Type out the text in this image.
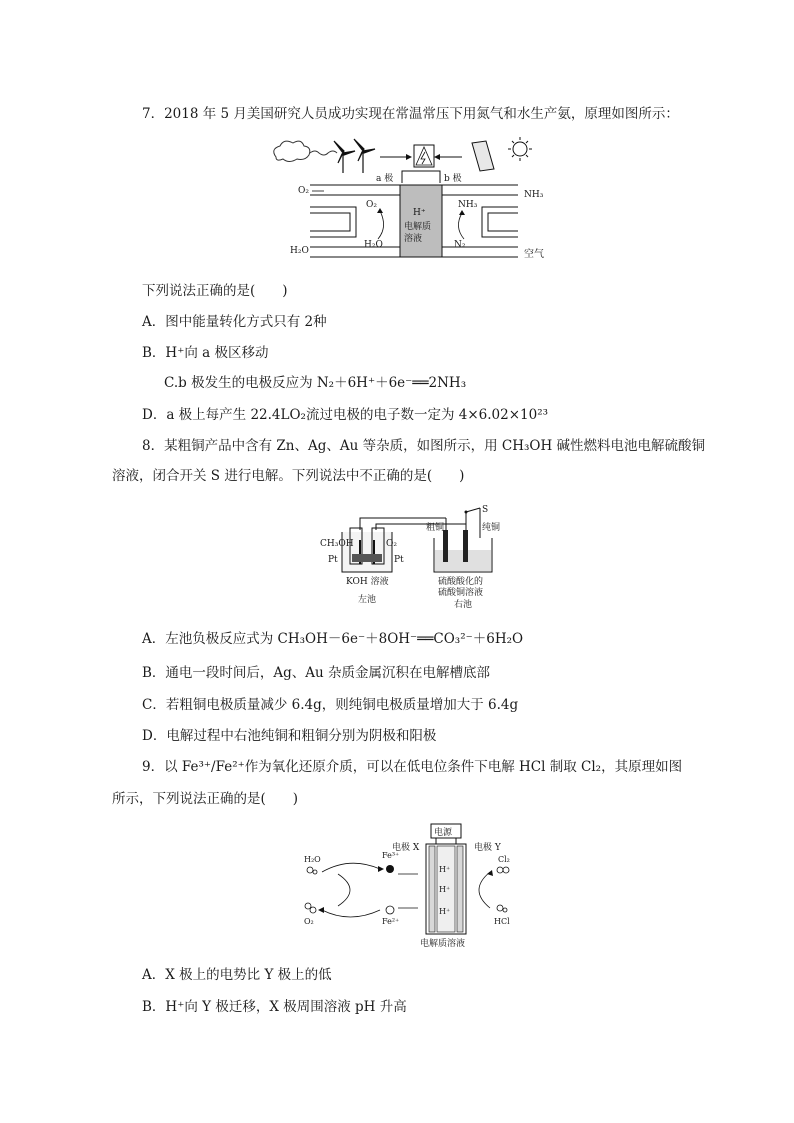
7．2018 年 5 月美国研究人员成功实现在常温常压下用氮气和水生产氨，原理如图所示：
a 极	b 极
H⁺
电解质
溶液
O₂
O₂
H₂O
H₂O
NH₃
N₂
NH₃
空气
下列说法正确的是(　　)
A．图中能量转化方式只有 2种
B．H⁺向 a 极区移动
C.b 极发生的电极反应为 N₂＋6H⁺＋6e⁻══2NH₃
D．a 极上每产生 22.4LO₂流过电极的电子数一定为 4×6.02×10²³
8．某粗铜产品中含有 Zn、Ag、Au 等杂质，如图所示，用 CH₃OH 碱性燃料电池电解硫酸铜
溶液，闭合开关 S 进行电解。下列说法中不正确的是(　　)
S
CH₃OH	O₂
Pt	Pt
KOH 溶液
左池
粗铜	纯铜
硫酸酸化的
硫酸铜溶液
右池
A．左池负极反应式为 CH₃OH－6e⁻＋8OH⁻══CO₃²⁻＋6H₂O
B．通电一段时间后，Ag、Au 杂质金属沉积在电解槽底部
C．若粗铜电极质量减少 6.4g，则纯铜电极质量增加大于 6.4g
D．电解过程中右池纯铜和粗铜分别为阴极和阳极
9．以 Fe³⁺/Fe²⁺作为氧化还原介质，可以在低电位条件下电解 HCl 制取 Cl₂，其原理如图
所示，下列说法正确的是(　　)
电源
电极 X	电极 Y
H⁺
H⁺
H⁺
电解质溶液
H₂O	Fe³⁺
Fe²⁺
O₂
Cl₂
HCl
A．X 极上的电势比 Y 极上的低
B．H⁺向 Y 极迁移，X 极周围溶液 pH 升高
